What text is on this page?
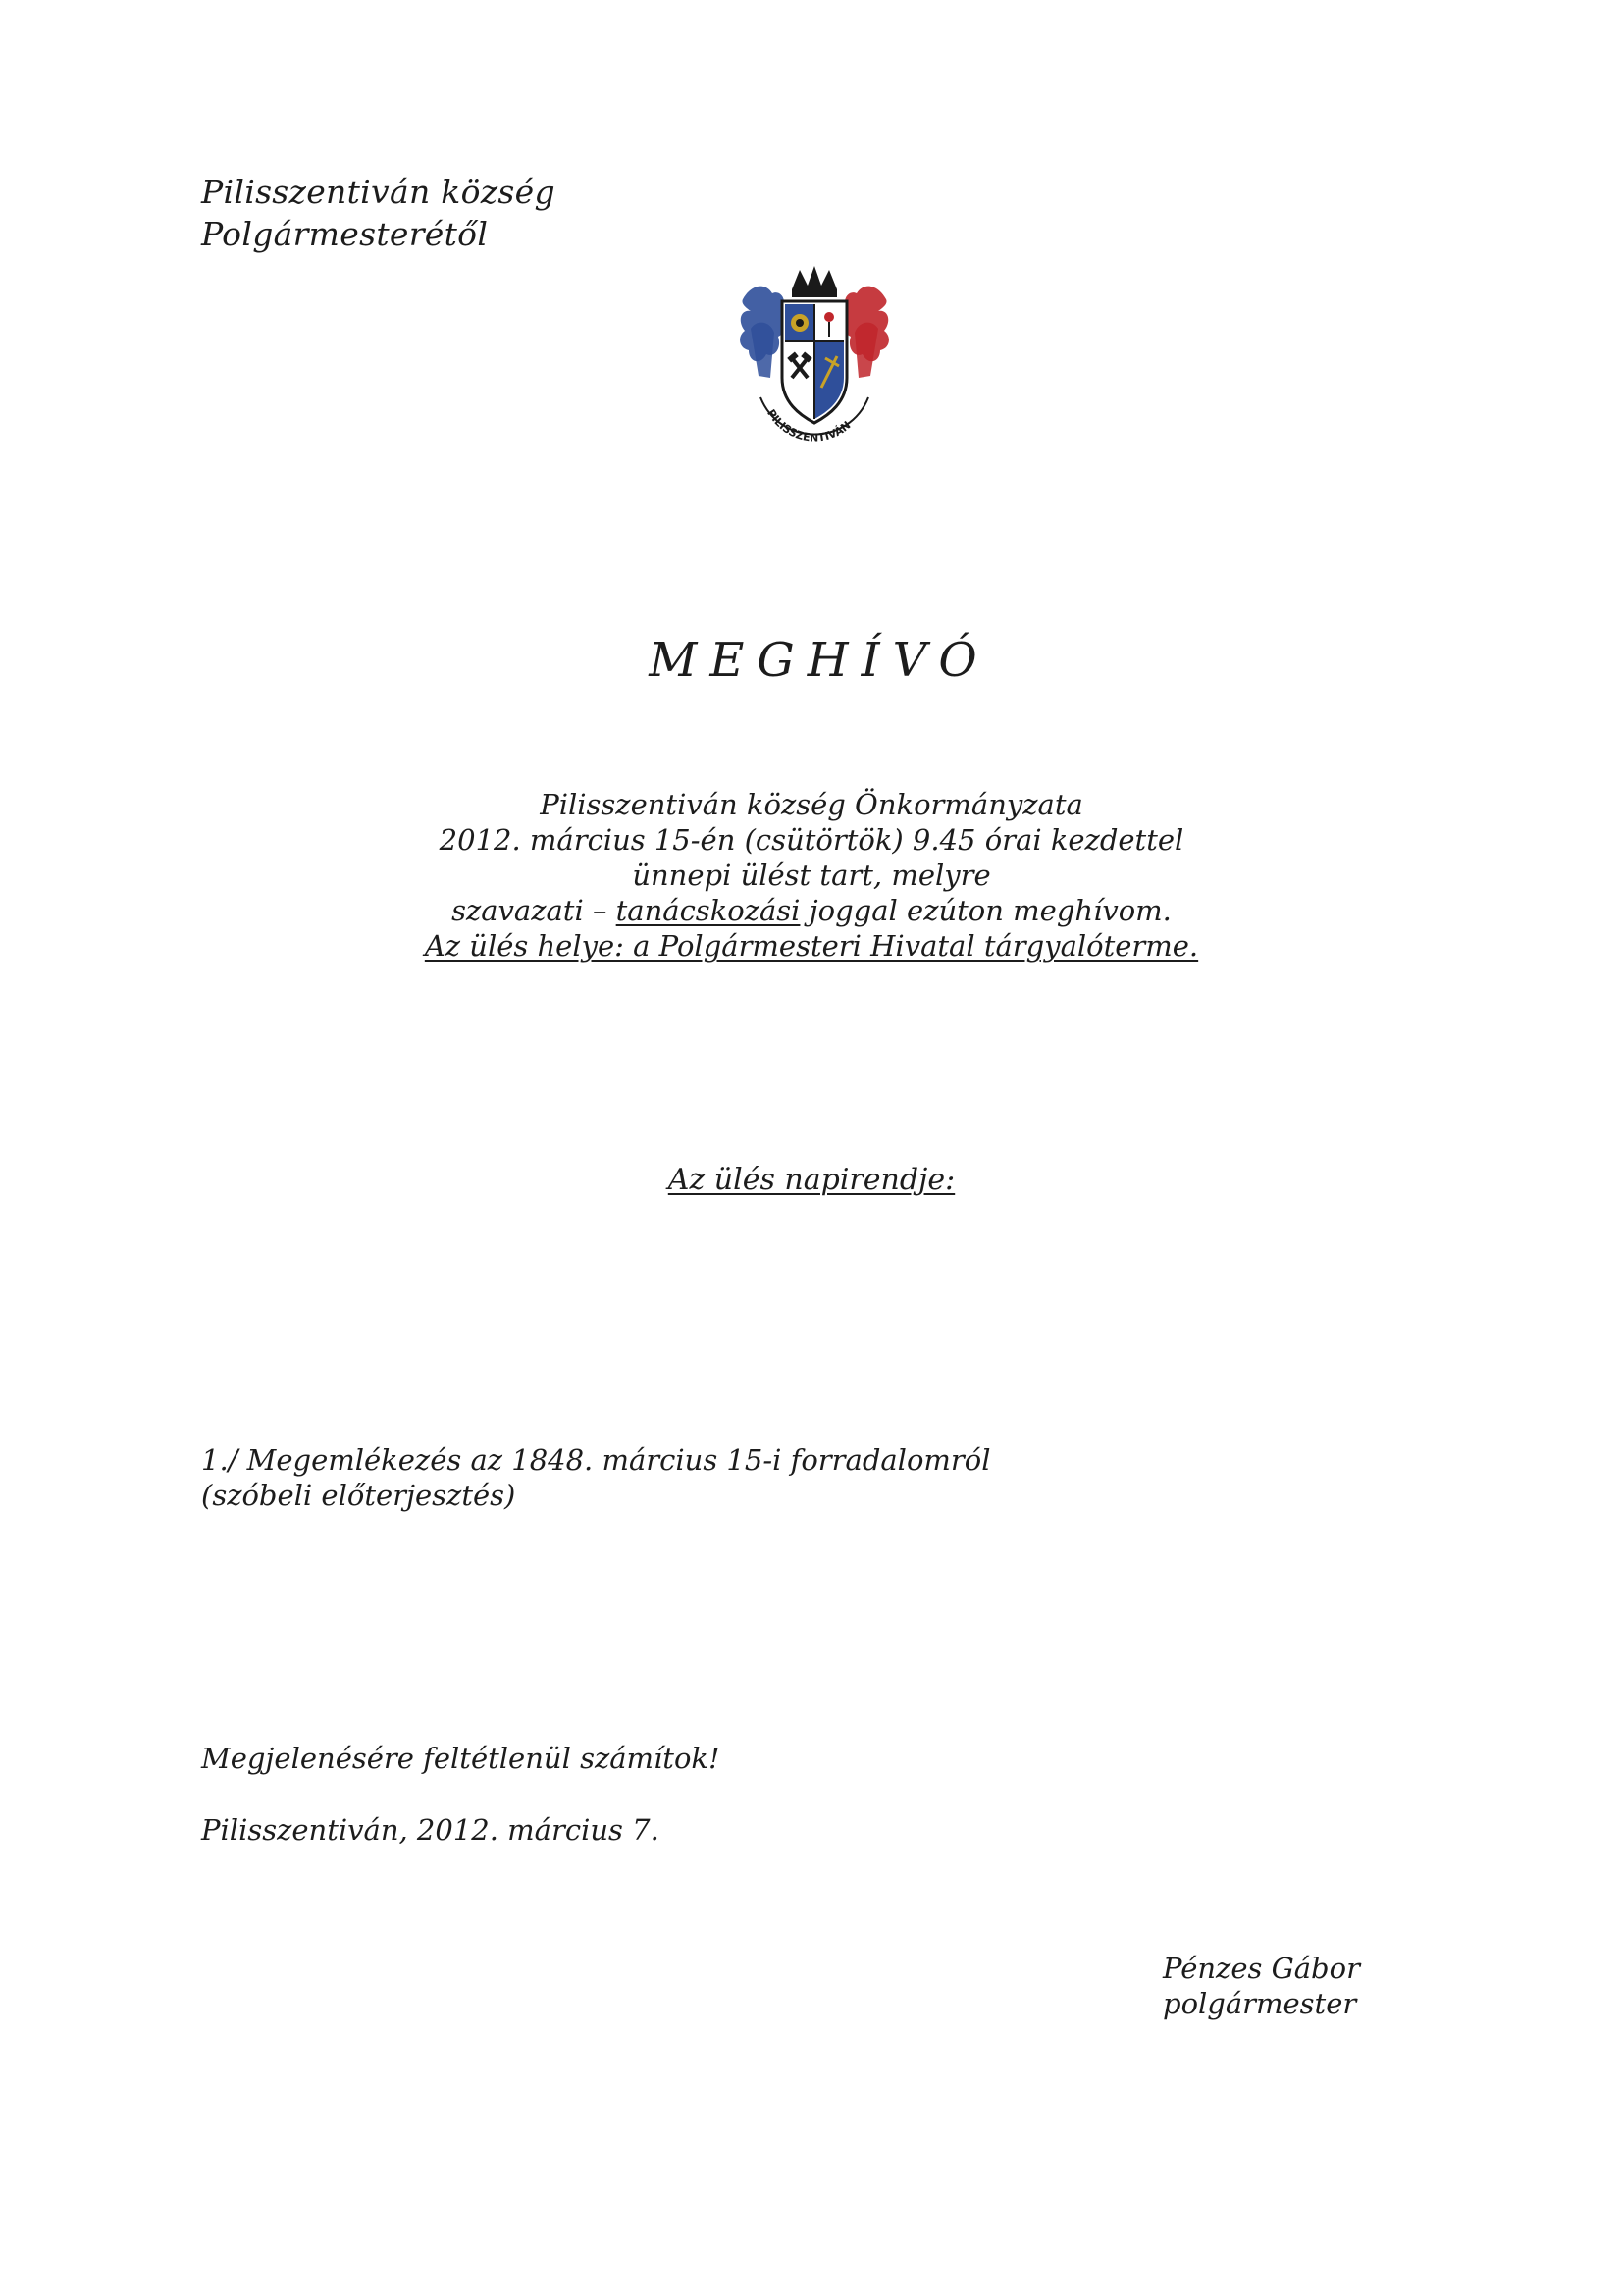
Pilisszentiván község
Polgármesterétől
PILISSZENTIVÁN
MEGHÍVÓ
Pilisszentiván község Önkormányzata
2012. március 15-én (csütörtök) 9.45 órai kezdettel
ünnepi ülést tart, melyre
szavazati – tanácskozási joggal ezúton meghívom.
Az ülés helye: a Polgármesteri Hivatal tárgyalóterme.
Az ülés napirendje:
1./ Megemlékezés az 1848. március 15-i forradalomról
(szóbeli előterjesztés)
Megjelenésére feltétlenül számítok!
Pilisszentiván, 2012. március 7.
Pénzes Gábor
polgármester
